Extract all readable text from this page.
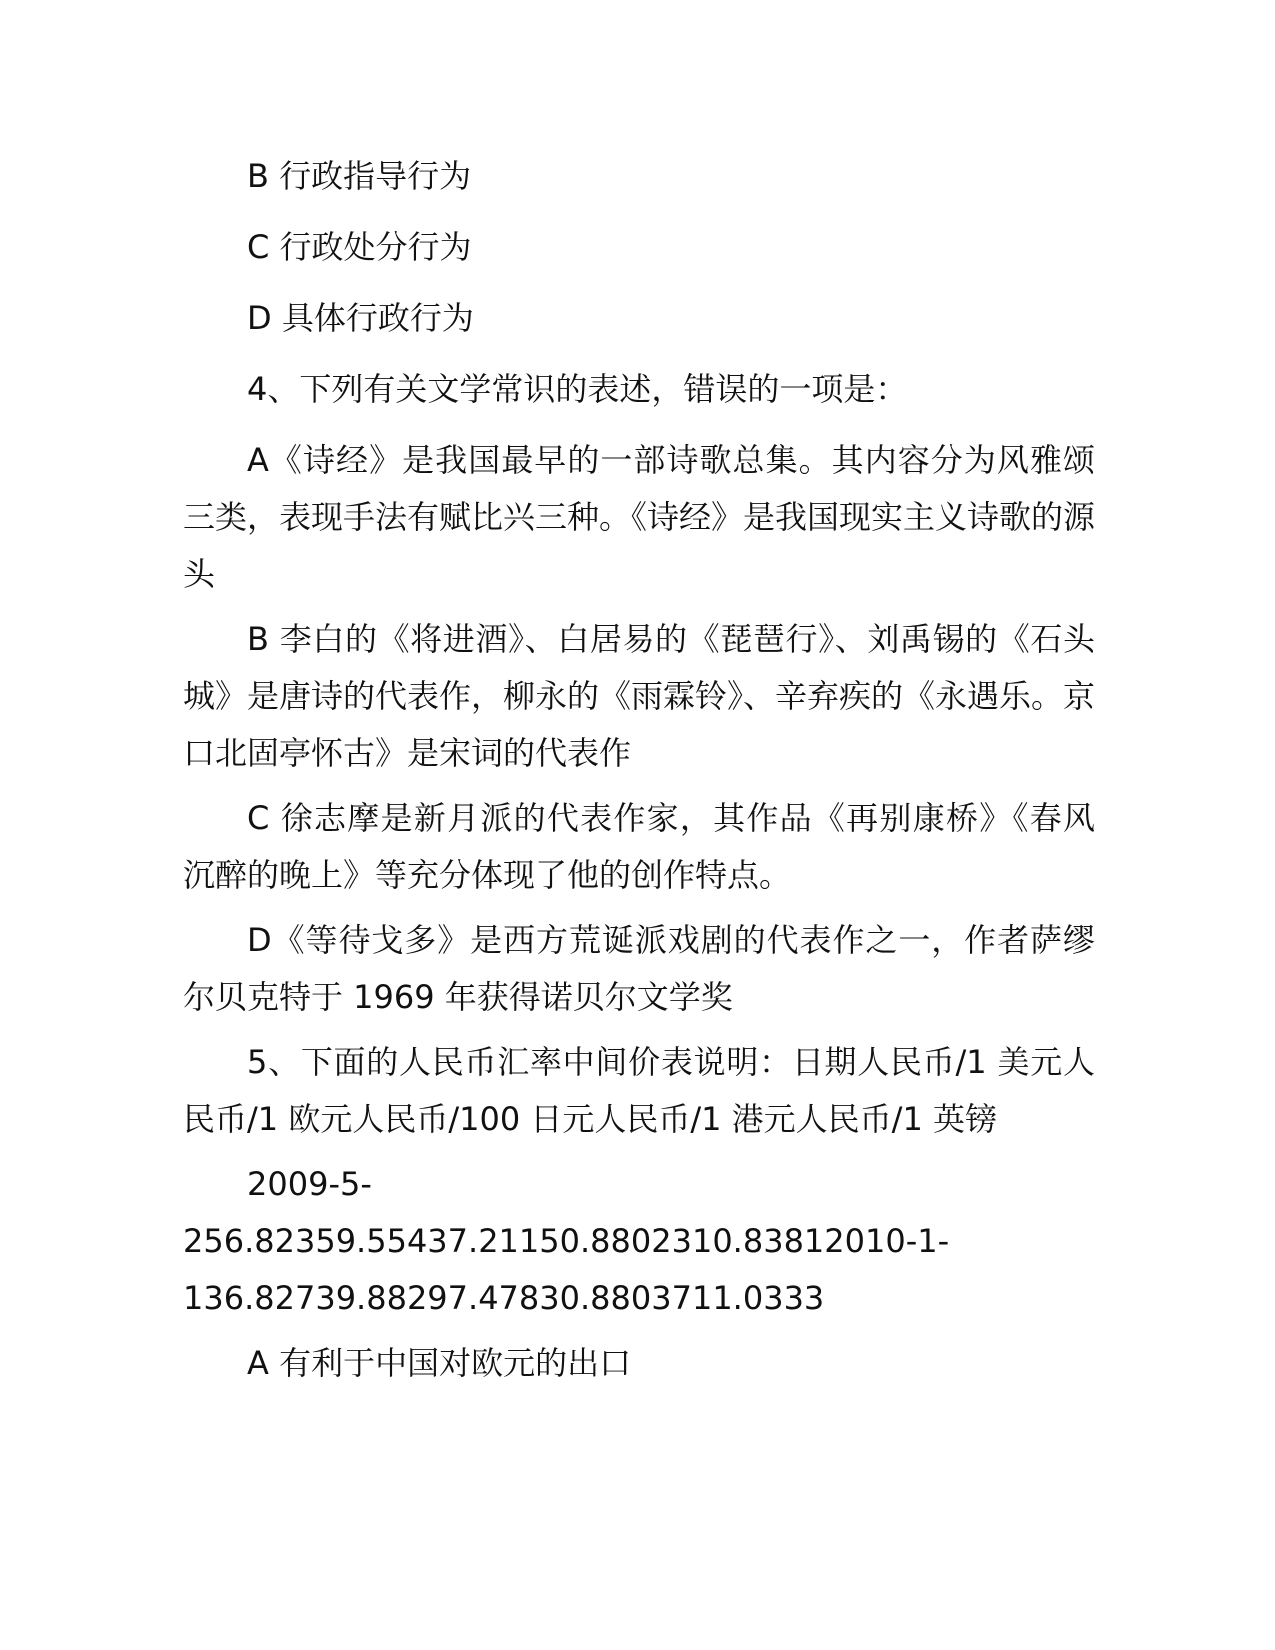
B 行政指导行为

C 行政处分行为

D 具体行政行为

4、下列有关文学常识的表述，错误的一项是：

A《诗经》是我国最早的一部诗歌总集。其内容分为风雅颂三类，表现手法有赋比兴三种。《诗经》是我国现实主义诗歌的源头

B 李白的《将进酒》、白居易的《琵琶行》、刘禹锡的《石头城》是唐诗的代表作，柳永的《雨霖铃》、辛弃疾的《永遇乐。京口北固亭怀古》是宋词的代表作

C 徐志摩是新月派的代表作家，其作品《再别康桥》《春风沉醉的晚上》等充分体现了他的创作特点。

D《等待戈多》是西方荒诞派戏剧的代表作之一，作者萨缪尔贝克特于 1969 年获得诺贝尔文学奖

5、下面的人民币汇率中间价表说明：日期人民币/1 美元人民币/1 欧元人民币/100 日元人民币/1 港元人民币/1 英镑

2009-5-
256.82359.55437.21150.8802310.83812010-1-
136.82739.88297.47830.8803711.0333

A 有利于中国对欧元的出口
